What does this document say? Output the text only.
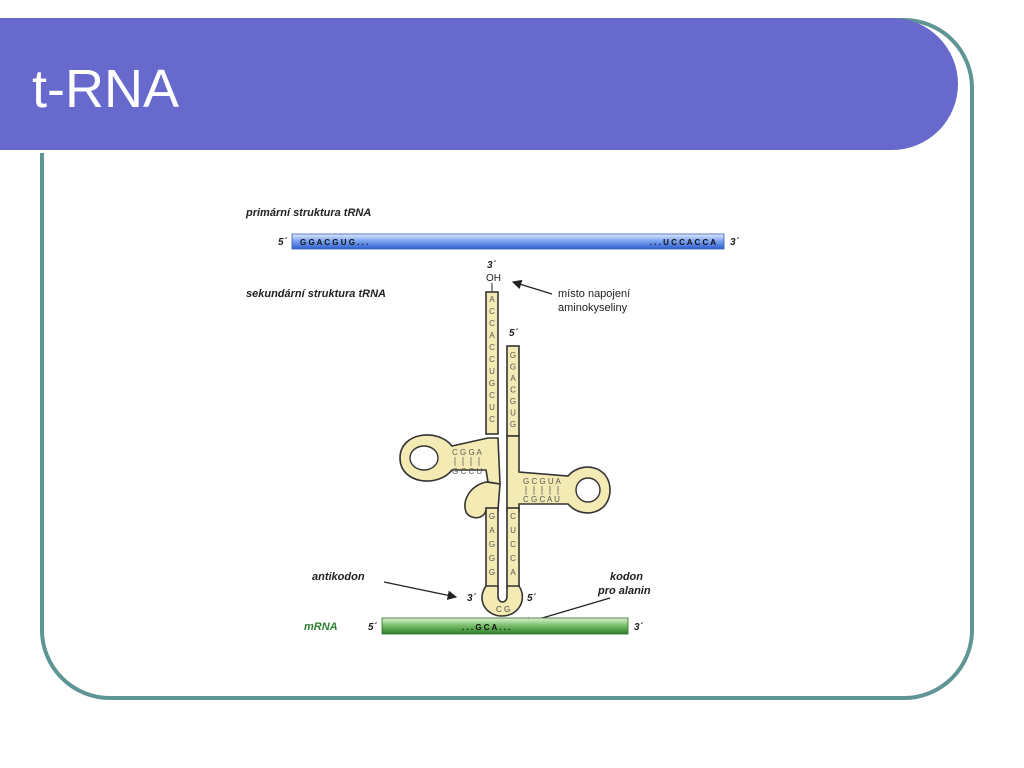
t-RNA
primární struktura tRNA
5´ G G A C G U G . . .	. . . U C C A C C A 3´
sekundární struktura tRNA
3´
OH
místo napojení
aminokyseliny
A
C
C
A
C
C
U
G
C
U
C
G
G
A
C
G
U
G
G
A
G
G
G
C
U
C
C
A
5´
C G G A
G C C U
G C G U A
C G C A U
C G
antikodon
3´	5´
kodon
pro alanin
mRNA	5´	. . . G C A . . .	3´
